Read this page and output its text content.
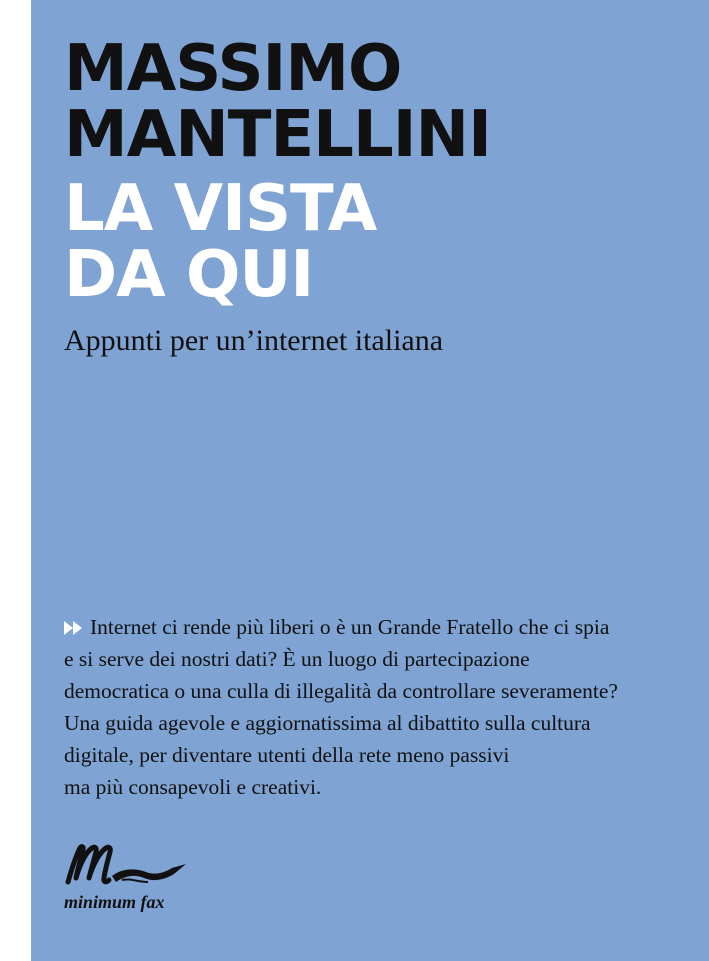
MASSIMO
MANTELLINI
LA VISTA
DA QUI

Appunti per un’internet italiana

Internet ci rende più liberi o è un Grande Fratello che ci spia
e si serve dei nostri dati? È un luogo di partecipazione
democratica o una culla di illegalità da controllare severamente?
Una guida agevole e aggiornatissima al dibattito sulla cultura
digitale, per diventare utenti della rete meno passivi
ma più consapevoli e creativi.
minimum fax
